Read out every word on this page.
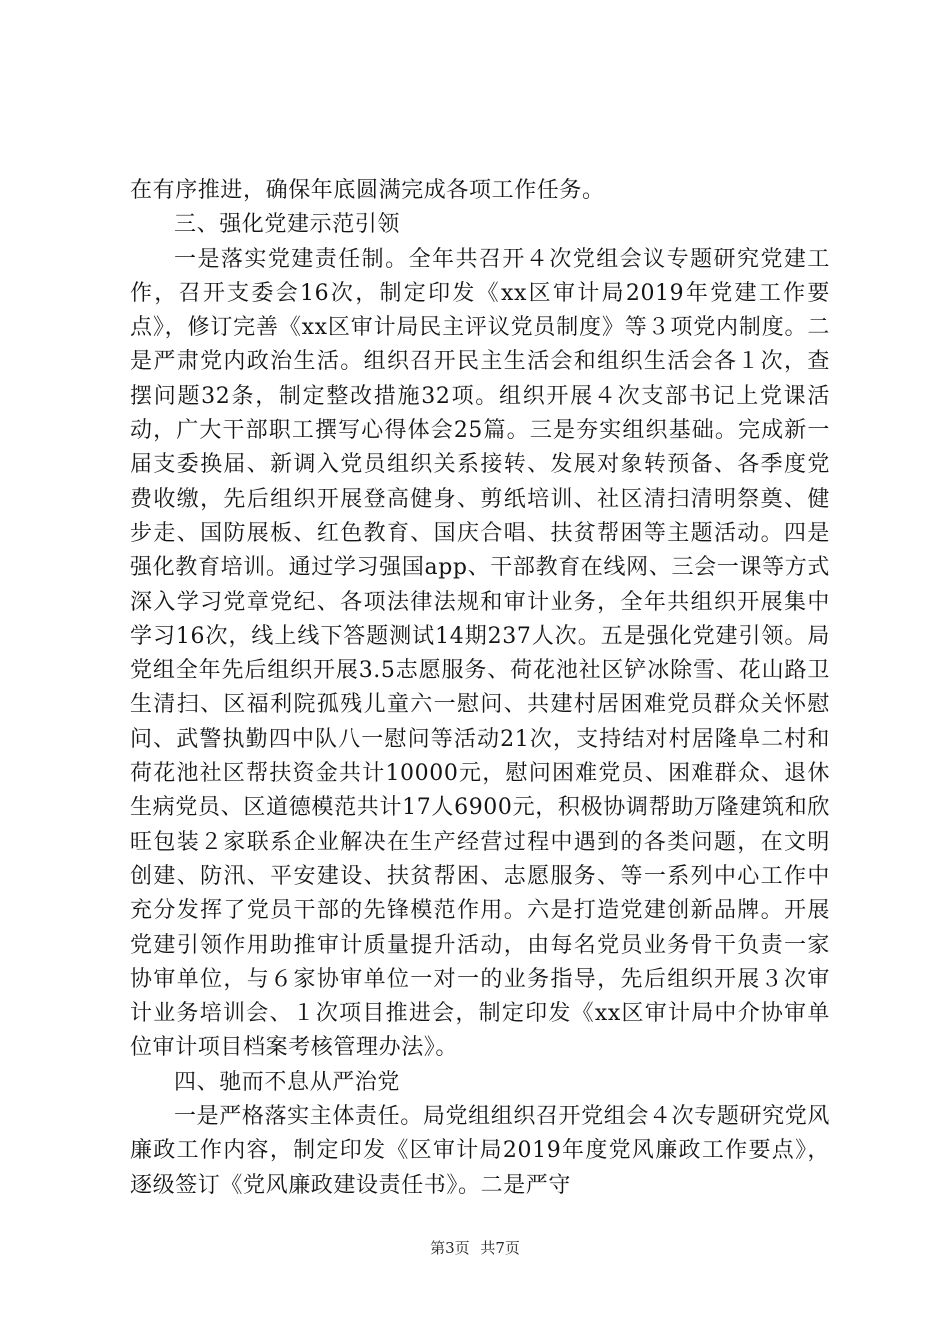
在有序推进，确保年底圆满完成各项工作任务。

三、强化党建示范引领

一是落实党建责任制。全年共召开４次党组会议专题研究党建工作，召开支委会16次，制定印发《xx区审计局2019年党建工作要点》，修订完善《xx区审计局民主评议党员制度》等３项党内制度。二是严肃党内政治生活。组织召开民主生活会和组织生活会各１次，查摆问题32条，制定整改措施32项。组织开展４次支部书记上党课活动，广大干部职工撰写心得体会25篇。三是夯实组织基础。完成新一届支委换届、新调入党员组织关系接转、发展对象转预备、各季度党费收缴，先后组织开展登高健身、剪纸培训、社区清扫清明祭奠、健步走、国防展板、红色教育、国庆合唱、扶贫帮困等主题活动。四是强化教育培训。通过学习强国app、干部教育在线网、三会一课等方式深入学习党章党纪、各项法律法规和审计业务，全年共组织开展集中学习16次，线上线下答题测试14期237人次。五是强化党建引领。局党组全年先后组织开展3.5志愿服务、荷花池社区铲冰除雪、花山路卫生清扫、区福利院孤残儿童六一慰问、共建村居困难党员群众关怀慰问、武警执勤四中队八一慰问等活动21次，支持结对村居隆阜二村和荷花池社区帮扶资金共计10000元，慰问困难党员、困难群众、退休生病党员、区道德模范共计17人6900元，积极协调帮助万隆建筑和欣旺包装２家联系企业解决在生产经营过程中遇到的各类问题，在文明创建、防汛、平安建设、扶贫帮困、志愿服务、等一系列中心工作中充分发挥了党员干部的先锋模范作用。六是打造党建创新品牌。开展党建引领作用助推审计质量提升活动，由每名党员业务骨干负责一家协审单位，与６家协审单位一对一的业务指导，先后组织开展３次审计业务培训会、１次项目推进会，制定印发《xx区审计局中介协审单位审计项目档案考核管理办法》。

四、驰而不息从严治党

一是严格落实主体责任。局党组组织召开党组会４次专题研究党风廉政工作内容，制定印发《区审计局2019年度党风廉政工作要点》，逐级签订《党风廉政建设责任书》。二是严守

第3页 共7页
